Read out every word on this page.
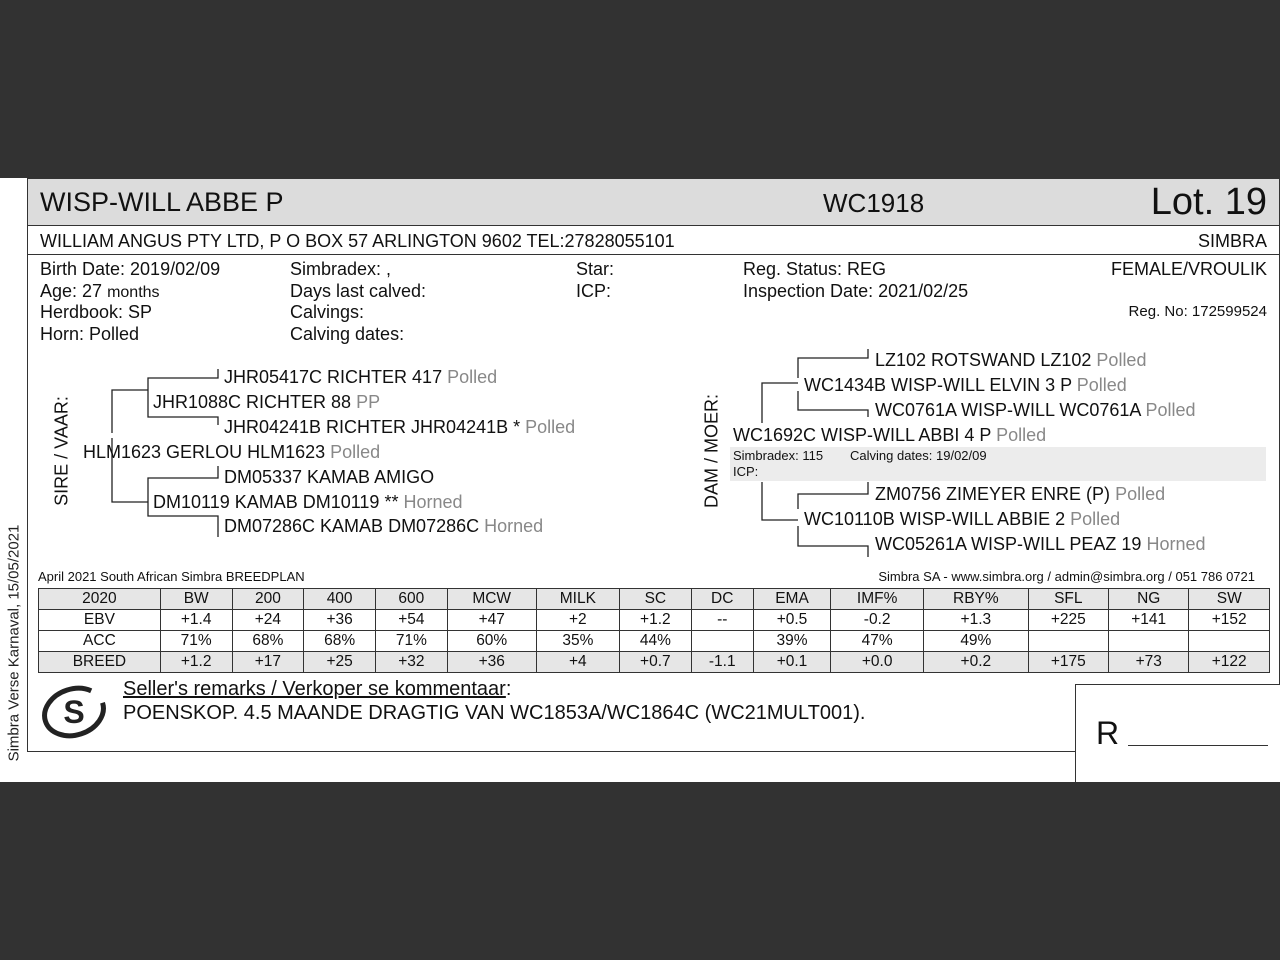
Simbra Verse Karnaval, 15/05/2021
WISP-WILL ABBE P	WC1918	Lot. 19
WILLIAM ANGUS PTY LTD, P O BOX 57 ARLINGTON 9602 TEL:27828055101	SIMBRA
Birth Date: 2019/02/09
Age: 27 months
Herdbook: SP
Horn: Polled
Simbradex: ,
Days last calved:
Calvings:
Calving dates:
Star:
ICP:
Reg. Status: REG
Inspection Date: 2021/02/25
FEMALE/VROULIK
Reg. No: 172599524
SIRE / VAAR:	DAM / MOER:
JHR05417C RICHTER 417 Polled
JHR1088C RICHTER 88 PP
JHR04241B RICHTER JHR04241B * Polled
HLM1623 GERLOU HLM1623 Polled
DM05337 KAMAB AMIGO
DM10119 KAMAB DM10119 ** Horned
DM07286C KAMAB DM07286C Horned
LZ102 ROTSWAND LZ102 Polled
WC1434B WISP-WILL ELVIN 3 P Polled
WC0761A WISP-WILL WC0761A Polled
WC1692C WISP-WILL ABBI 4 P Polled
Simbradex: 115 Calving dates: 19/02/09
ICP:
ZM0756 ZIMEYER ENRE (P) Polled
WC10110B WISP-WILL ABBIE 2 Polled
WC05261A WISP-WILL PEAZ 19 Horned
April 2021 South African Simbra BREEDPLAN	Simbra SA - www.simbra.org / admin@simbra.org / 051 786 0721
2020	BW	200	400	600	MCW	MILK	SC	DC	EMA	IMF%	RBY%	SFL	NG	SW
EBV	+1.4	+24	+36	+54	+47	+2	+1.2	--	+0.5	-0.2	+1.3	+225	+141	+152
ACC	71%	68%	68%	71%	60%	35%	44%		39%	47%	49%			
BREED	+1.2	+17	+25	+32	+36	+4	+0.7	-1.1	+0.1	+0.0	+0.2	+175	+73	+122
S
Seller's remarks / Verkoper se kommentaar:
POENSKOP. 4.5 MAANDE DRAGTIG VAN WC1853A/WC1864C (WC21MULT001).
R
